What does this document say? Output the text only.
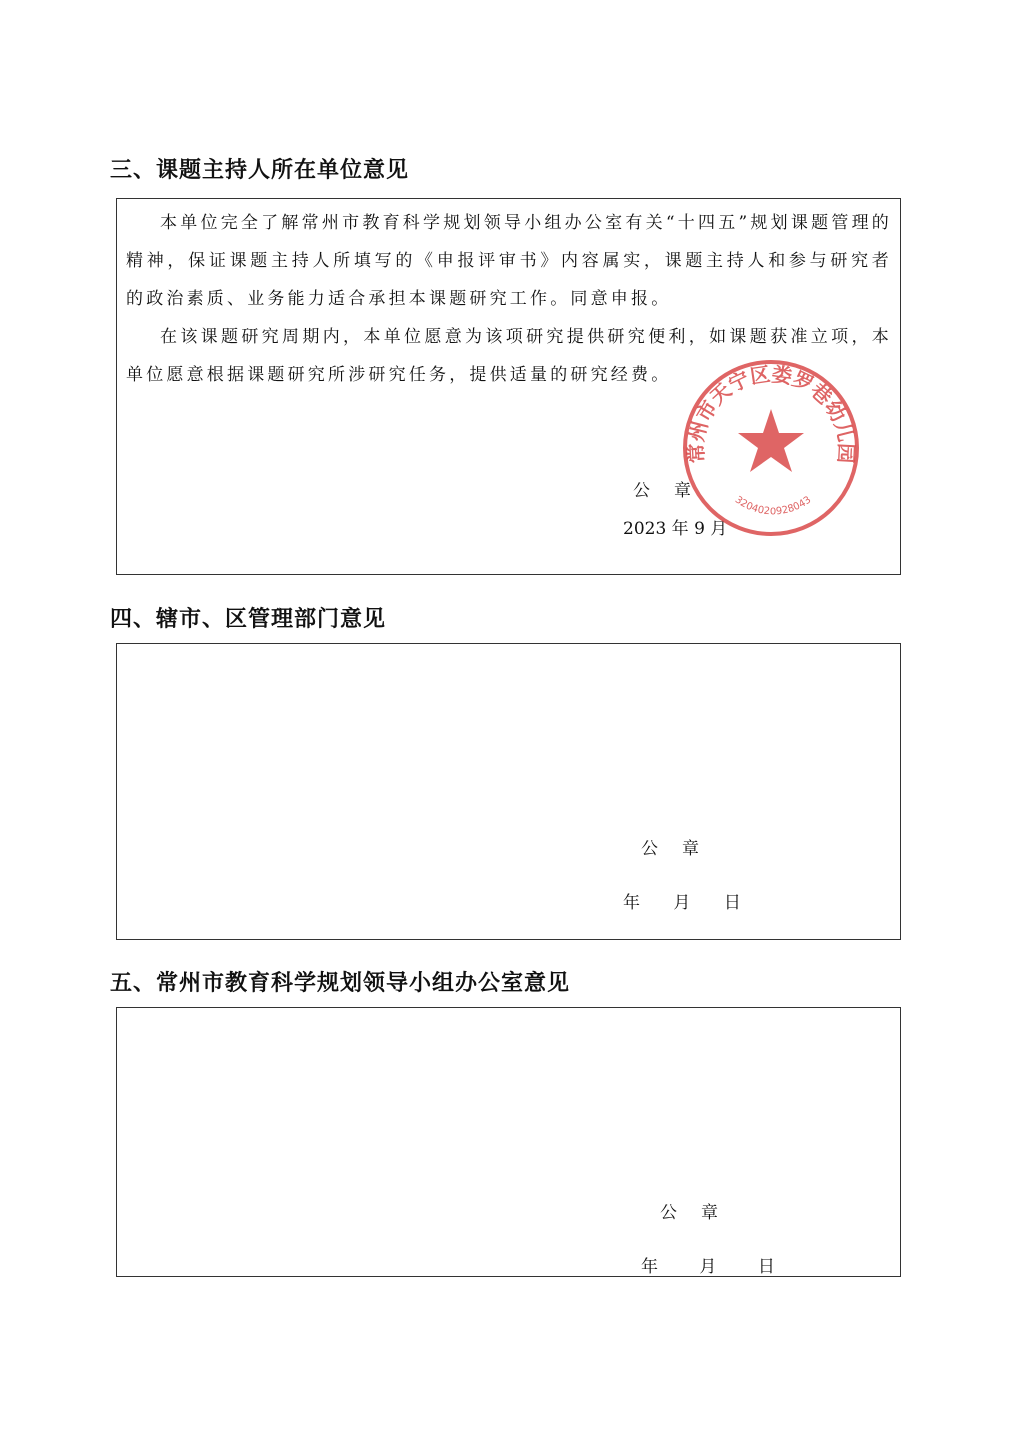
三、课题主持人所在单位意见

本单位完全了解常州市教育科学规划领导小组办公室有关“十四五”规划课题管理的精神，保证课题主持人所填写的《申报评审书》内容属实，课题主持人和参与研究者的政治素质、业务能力适合承担本课题研究工作。同意申报。

在该课题研究周期内，本单位愿意为该项研究提供研究便利，如课题获准立项，本单位愿意根据课题研究所涉研究任务，提供适量的研究经费。

公章
2023 年 9 月
常州市天宁区娄罗巷幼儿园
3204020928043
四、辖市、区管理部门意见
公章
年 月 日
五、常州市教育科学规划领导小组办公室意见
公章
年 月 日
